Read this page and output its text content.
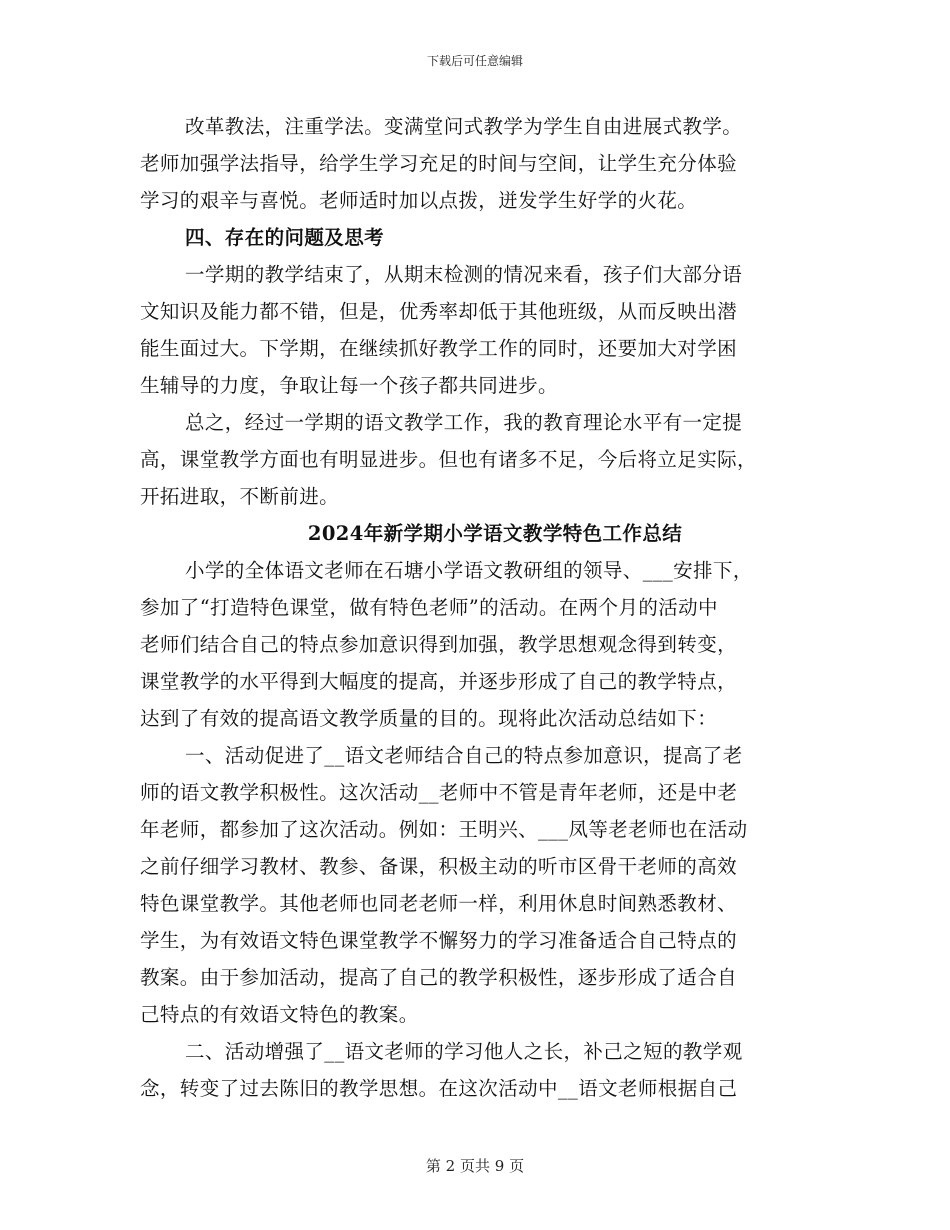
下载后可任意编辑
改革教法，注重学法。变满堂问式教学为学生自由进展式教学。
老师加强学法指导，给学生学习充足的时间与空间，让学生充分体验
学习的艰辛与喜悦。老师适时加以点拨，迸发学生好学的火花。
四、存在的问题及思考
一学期的教学结束了，从期末检测的情况来看，孩子们大部分语
文知识及能力都不错，但是，优秀率却低于其他班级，从而反映出潜
能生面过大。下学期，在继续抓好教学工作的同时，还要加大对学困
生辅导的力度，争取让每一个孩子都共同进步。
总之，经过一学期的语文教学工作，我的教育理论水平有一定提
高，课堂教学方面也有明显进步。但也有诸多不足，今后将立足实际，
开拓进取，不断前进。
2024年新学期小学语文教学特色工作总结
小学的全体语文老师在石塘小学语文教研组的领导、___安排下，
参加了“打造特色课堂，做有特色老师”的活动。在两个月的活动中
老师们结合自己的特点参加意识得到加强，教学思想观念得到转变，
课堂教学的水平得到大幅度的提高，并逐步形成了自己的教学特点，
达到了有效的提高语文教学质量的目的。现将此次活动总结如下：
一、活动促进了__语文老师结合自己的特点参加意识，提高了老
师的语文教学积极性。这次活动__老师中不管是青年老师，还是中老
年老师，都参加了这次活动。例如：王明兴、___凤等老老师也在活动
之前仔细学习教材、教参、备课，积极主动的听市区骨干老师的高效
特色课堂教学。其他老师也同老老师一样，利用休息时间熟悉教材、
学生，为有效语文特色课堂教学不懈努力的学习准备适合自己特点的
教案。由于参加活动，提高了自己的教学积极性，逐步形成了适合自
己特点的有效语文特色的教案。
二、活动增强了__语文老师的学习他人之长，补己之短的教学观
念，转变了过去陈旧的教学思想。在这次活动中__语文老师根据自己
第 2 页共 9 页
